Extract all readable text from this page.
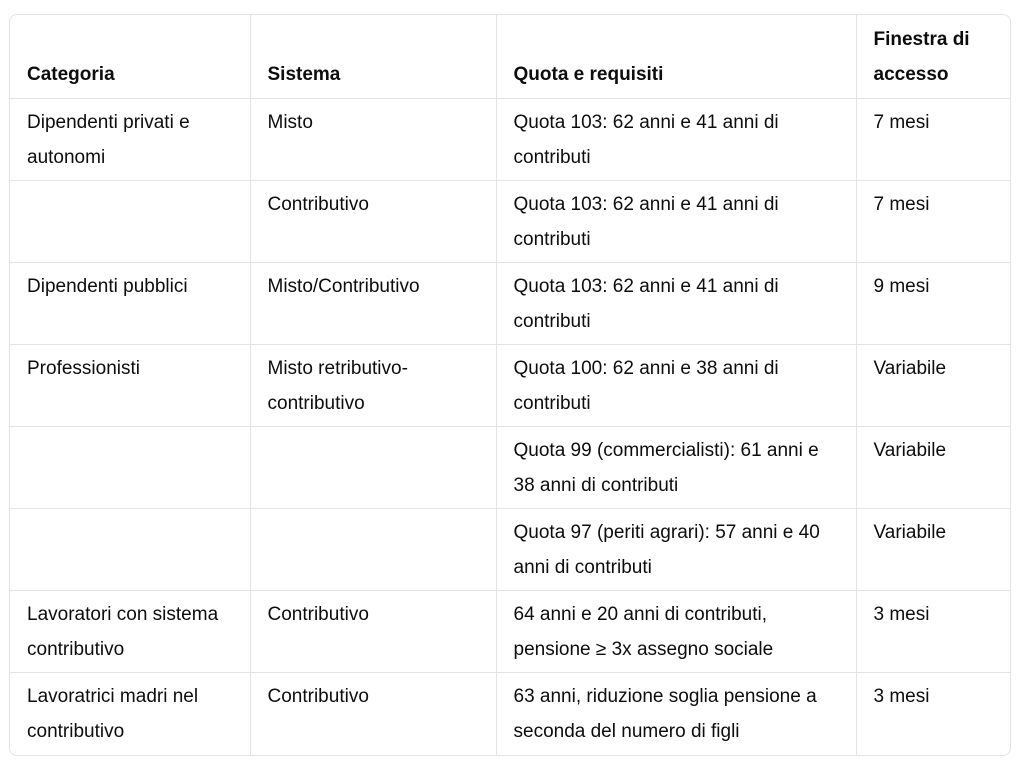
Categoria	Sistema	Quota e requisiti	Finestra di accesso
Dipendenti privati e autonomi	Misto	Quota 103: 62 anni e 41 anni di contributi	7 mesi
	Contributivo	Quota 103: 62 anni e 41 anni di contributi	7 mesi
Dipendenti pubblici	Misto/Contributivo	Quota 103: 62 anni e 41 anni di contributi	9 mesi
Professionisti	Misto retributivo-contributivo	Quota 100: 62 anni e 38 anni di contributi	Variabile
		Quota 99 (commercialisti): 61 anni e 38 anni di contributi	Variabile
		Quota 97 (periti agrari): 57 anni e 40 anni di contributi	Variabile
Lavoratori con sistema contributivo	Contributivo	64 anni e 20 anni di contributi, pensione ≥ 3x assegno sociale	3 mesi
Lavoratrici madri nel contributivo	Contributivo	63 anni, riduzione soglia pensione a seconda del numero di figli	3 mesi
